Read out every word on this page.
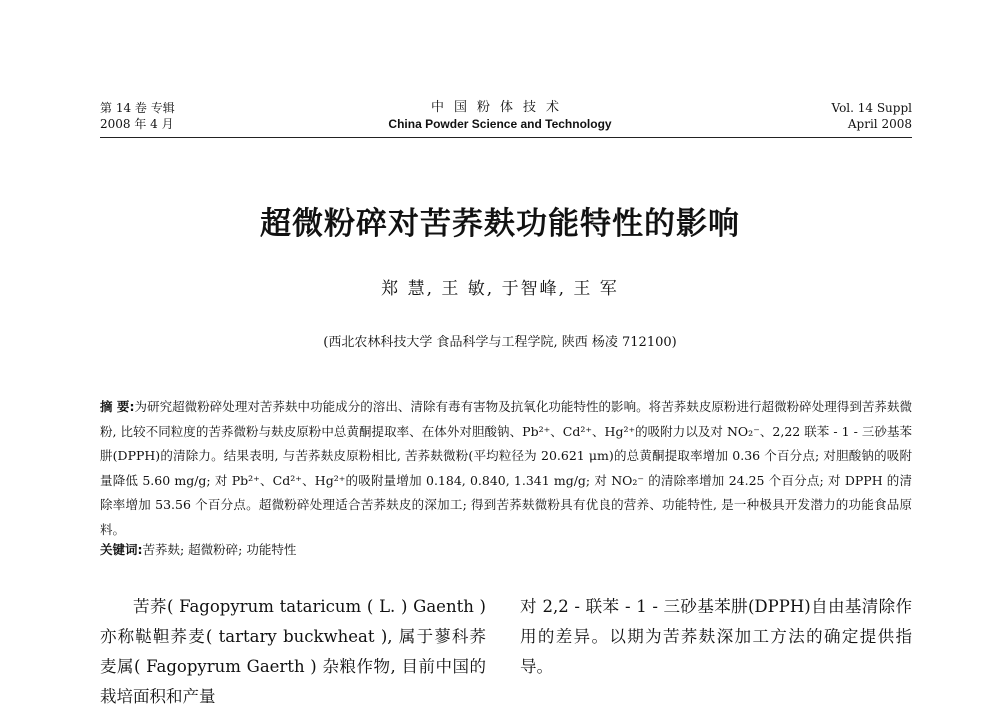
第 14 卷 专辑
2008 年 4 月
中国粉体技术
China Powder Science and Technology
Vol. 14 Suppl
April 2008
超微粉碎对苦荞麸功能特性的影响
郑 慧, 王 敏, 于智峰, 王 军
(西北农林科技大学 食品科学与工程学院, 陕西 杨凌 712100)
摘 要:为研究超微粉碎处理对苦荞麸中功能成分的溶出、清除有毒有害物及抗氧化功能特性的影响。将苦荞麸皮原粉进行超微粉碎处理得到苦荞麸微粉, 比较不同粒度的苦荞微粉与麸皮原粉中总黄酮提取率、在体外对胆酸钠、Pb²⁺、Cd²⁺、Hg²⁺的吸附力以及对 NO₂⁻、2,22 联苯 - 1 - 三砂基苯肼(DPPH)的清除力。结果表明, 与苦荞麸皮原粉相比, 苦荞麸微粉(平均粒径为 20.621 μm)的总黄酮提取率增加 0.36 个百分点; 对胆酸钠的吸附量降低 5.60 mg/g; 对 Pb²⁺、Cd²⁺、Hg²⁺的吸附量增加 0.184, 0.840, 1.341 mg/g; 对 NO₂⁻ 的清除率增加 24.25 个百分点; 对 DPPH 的清除率增加 53.56 个百分点。超微粉碎处理适合苦荞麸皮的深加工; 得到苦荞麸微粉具有优良的营养、功能特性, 是一种极具开发潜力的功能食品原料。
关键词:苦荞麸; 超微粉碎; 功能特性
苦荞( Fagopyrum tataricum ( L. ) Gaenth ) 亦称鞑靼荞麦( tartary buckwheat ), 属于蓼科荞麦属( Fagopyrum Gaerth ) 杂粮作物, 目前中国的栽培面积和产量
对 2,2 - 联苯 - 1 - 三砂基苯肼(DPPH)自由基清除作用的差异。以期为苦荞麸深加工方法的确定提供指导。
